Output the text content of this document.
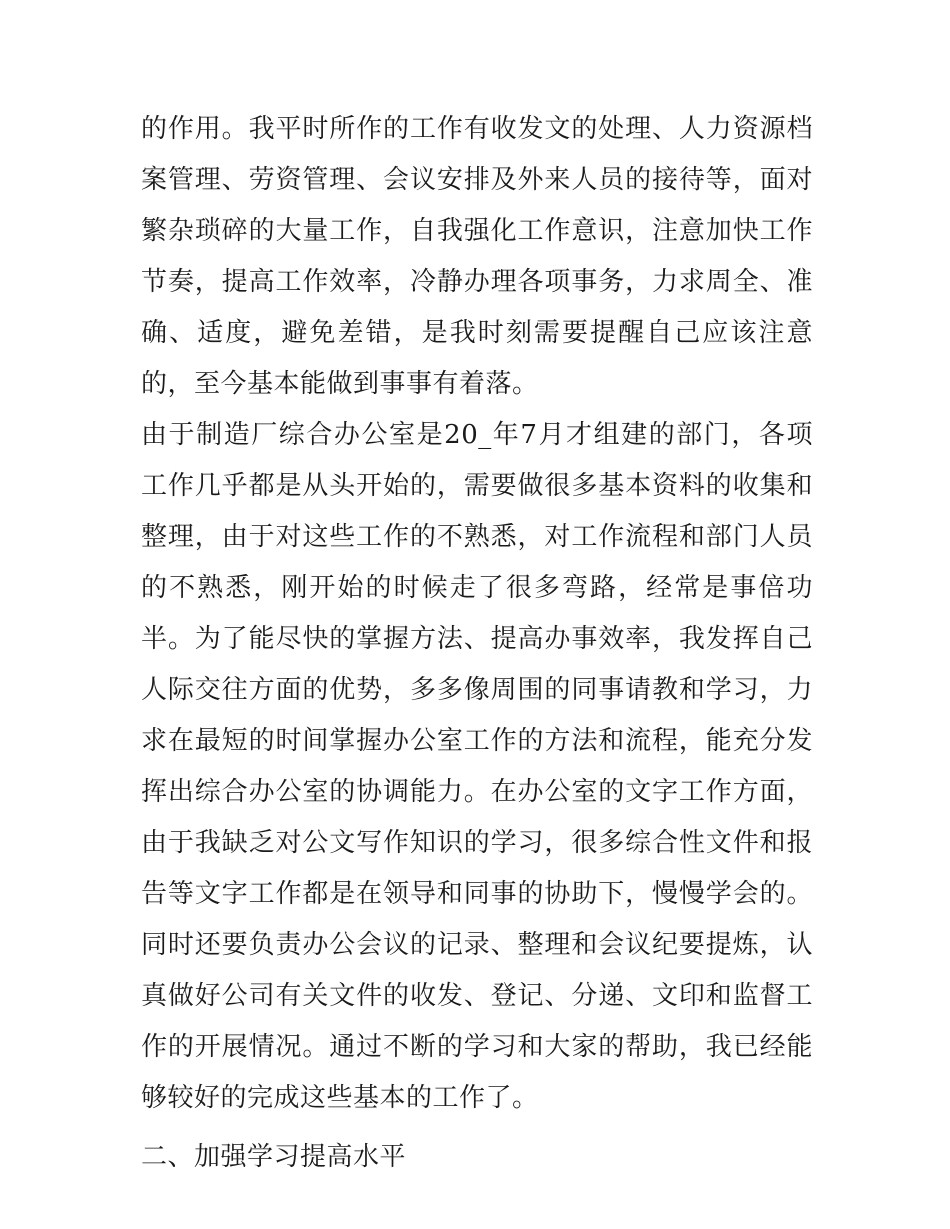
的作用。我平时所作的工作有收发文的处理、人力资源档案管理、劳资管理、会议安排及外来人员的接待等，面对繁杂琐碎的大量工作，自我强化工作意识，注意加快工作节奏，提高工作效率，冷静办理各项事务，力求周全、准确、适度，避免差错，是我时刻需要提醒自己应该注意的，至今基本能做到事事有着落。

由于制造厂综合办公室是20_年7月才组建的部门，各项工作几乎都是从头开始的，需要做很多基本资料的收集和整理，由于对这些工作的不熟悉，对工作流程和部门人员的不熟悉，刚开始的时候走了很多弯路，经常是事倍功半。为了能尽快的掌握方法、提高办事效率，我发挥自己人际交往方面的优势，多多像周围的同事请教和学习，力求在最短的时间掌握办公室工作的方法和流程，能充分发挥出综合办公室的协调能力。在办公室的文字工作方面，由于我缺乏对公文写作知识的学习，很多综合性文件和报告等文字工作都是在领导和同事的协助下，慢慢学会的。同时还要负责办公会议的记录、整理和会议纪要提炼，认真做好公司有关文件的收发、登记、分递、文印和监督工作的开展情况。通过不断的学习和大家的帮助，我已经能够较好的完成这些基本的工作了。

二、加强学习提高水平
